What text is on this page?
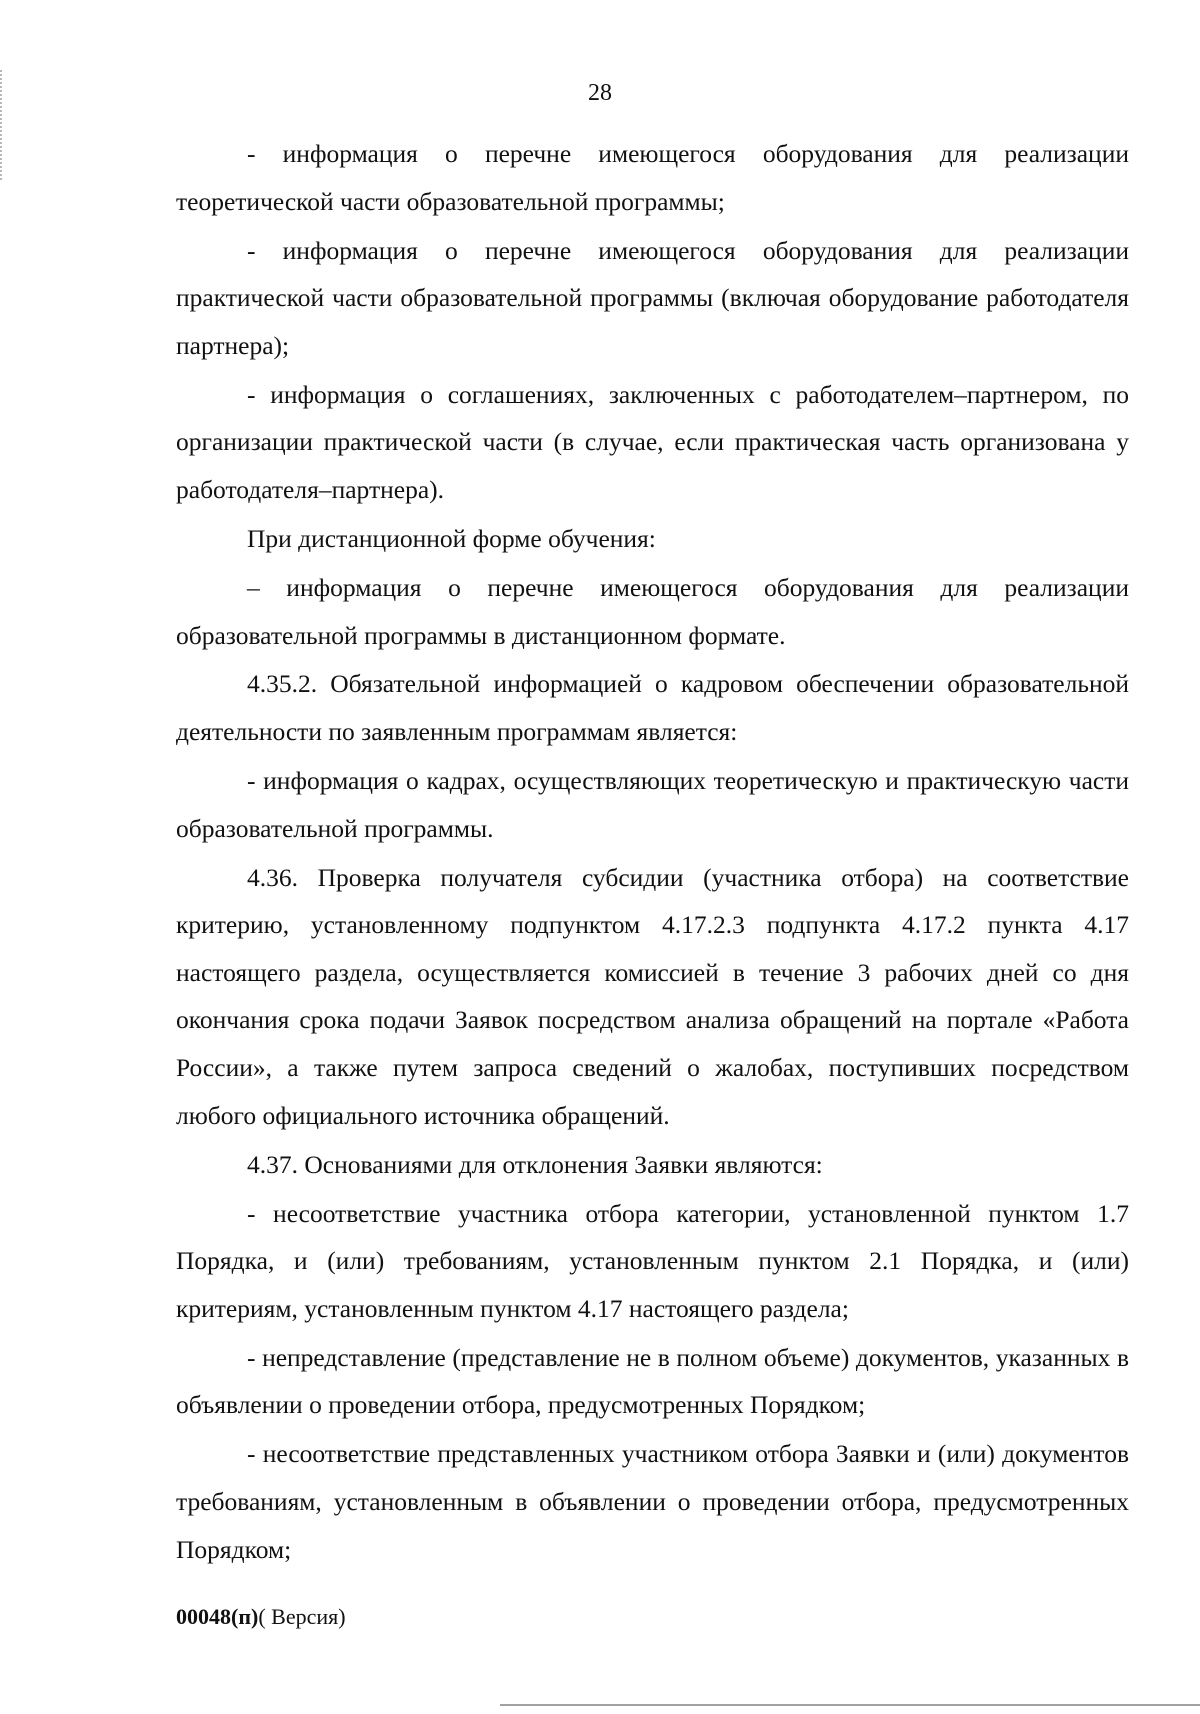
28

- информация о перечне имеющегося оборудования для реализации теоретической части образовательной программы;

- информация о перечне имеющегося оборудования для реализации практической части образовательной программы (включая оборудование работодателя партнера);

- информация о соглашениях, заключенных с работодателем–партнером, по организации практической части (в случае, если практическая часть организована у работодателя–партнера).

При дистанционной форме обучения:

– информация о перечне имеющегося оборудования для реализации образовательной программы в дистанционном формате.

4.35.2. Обязательной информацией о кадровом обеспечении образовательной деятельности по заявленным программам является:

- информация о кадрах, осуществляющих теоретическую и практическую части образовательной программы.

4.36. Проверка получателя субсидии (участника отбора) на соответствие критерию, установленному подпунктом 4.17.2.3 подпункта 4.17.2 пункта 4.17 настоящего раздела, осуществляется комиссией в течение 3 рабочих дней со дня окончания срока подачи Заявок посредством анализа обращений на портале «Работа России», а также путем запроса сведений о жалобах, поступивших посредством любого официального источника обращений.

4.37. Основаниями для отклонения Заявки являются:

- несоответствие участника отбора категории, установленной пунктом 1.7 Порядка, и (или) требованиям, установленным пунктом 2.1 Порядка, и (или) критериям, установленным пунктом 4.17 настоящего раздела;

- непредставление (представление не в полном объеме) документов, указанных в объявлении о проведении отбора, предусмотренных Порядком;

- несоответствие представленных участником отбора Заявки и (или) документов требованиям, установленным в объявлении о проведении отбора, предусмотренных Порядком;

00048(п)( Версия)
